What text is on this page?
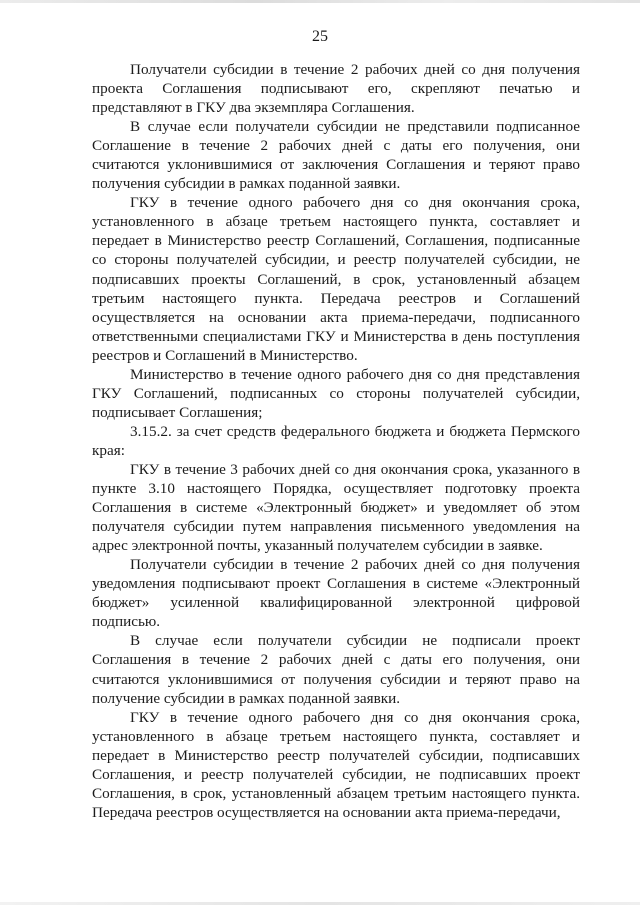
25

Получатели субсидии в течение 2 рабочих дней со дня получения проекта Соглашения подписывают его, скрепляют печатью и представляют в ГКУ два экземпляра Соглашения.

В случае если получатели субсидии не представили подписанное Соглашение в течение 2 рабочих дней с даты его получения, они считаются уклонившимися от заключения Соглашения и теряют право получения субсидии в рамках поданной заявки.

ГКУ в течение одного рабочего дня со дня окончания срока, установленного в абзаце третьем настоящего пункта, составляет и передает в Министерство реестр Соглашений, Соглашения, подписанные со стороны получателей субсидии, и реестр получателей субсидии, не подписавших проекты Соглашений, в срок, установленный абзацем третьим настоящего пункта. Передача реестров и Соглашений осуществляется на основании акта приема-передачи, подписанного ответственными специалистами ГКУ и Министерства в день поступления реестров и Соглашений в Министерство.

Министерство в течение одного рабочего дня со дня представления ГКУ Соглашений, подписанных со стороны получателей субсидии, подписывает Соглашения;

3.15.2. за счет средств федерального бюджета и бюджета Пермского края:

ГКУ в течение 3 рабочих дней со дня окончания срока, указанного в пункте 3.10 настоящего Порядка, осуществляет подготовку проекта Соглашения в системе «Электронный бюджет» и уведомляет об этом получателя субсидии путем направления письменного уведомления на адрес электронной почты, указанный получателем субсидии в заявке.

Получатели субсидии в течение 2 рабочих дней со дня получения уведомления подписывают проект Соглашения в системе «Электронный бюджет» усиленной квалифицированной электронной цифровой подписью.

В случае если получатели субсидии не подписали проект Соглашения в течение 2 рабочих дней с даты его получения, они считаются уклонившимися от получения субсидии и теряют право на получение субсидии в рамках поданной заявки.

ГКУ в течение одного рабочего дня со дня окончания срока, установленного в абзаце третьем настоящего пункта, составляет и передает в Министерство реестр получателей субсидии, подписавших Соглашения, и реестр получателей субсидии, не подписавших проект Соглашения, в срок, установленный абзацем третьим настоящего пункта. Передача реестров осуществляется на основании акта приема-передачи,
